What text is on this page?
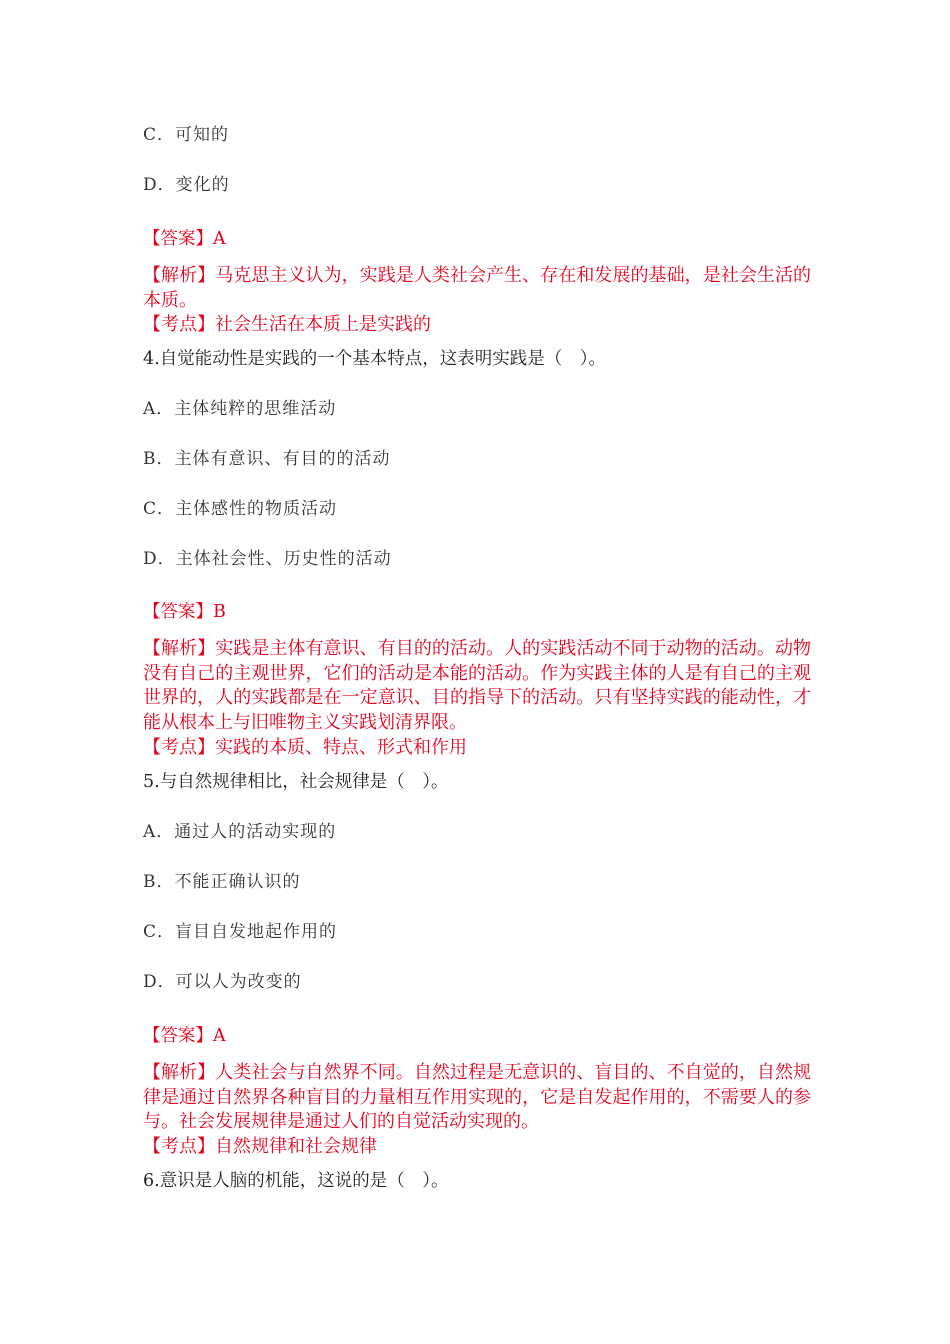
C．可知的
D．变化的
【答案】A
【解析】马克思主义认为，实践是人类社会产生、存在和发展的基础，是社会生活的本质。
【考点】社会生活在本质上是实践的
4.自觉能动性是实践的一个基本特点，这表明实践是（　）。
A．主体纯粹的思维活动
B．主体有意识、有目的的活动
C．主体感性的物质活动
D．主体社会性、历史性的活动
【答案】B
【解析】实践是主体有意识、有目的的活动。人的实践活动不同于动物的活动。动物没有自己的主观世界，它们的活动是本能的活动。作为实践主体的人是有自己的主观世界的，人的实践都是在一定意识、目的指导下的活动。只有坚持实践的能动性，才能从根本上与旧唯物主义实践划清界限。
【考点】实践的本质、特点、形式和作用
5.与自然规律相比，社会规律是（　）。
A．通过人的活动实现的
B．不能正确认识的
C．盲目自发地起作用的
D．可以人为改变的
【答案】A
【解析】人类社会与自然界不同。自然过程是无意识的、盲目的、不自觉的，自然规律是通过自然界各种盲目的力量相互作用实现的，它是自发起作用的，不需要人的参与。社会发展规律是通过人们的自觉活动实现的。
【考点】自然规律和社会规律
6.意识是人脑的机能，这说的是（　）。
